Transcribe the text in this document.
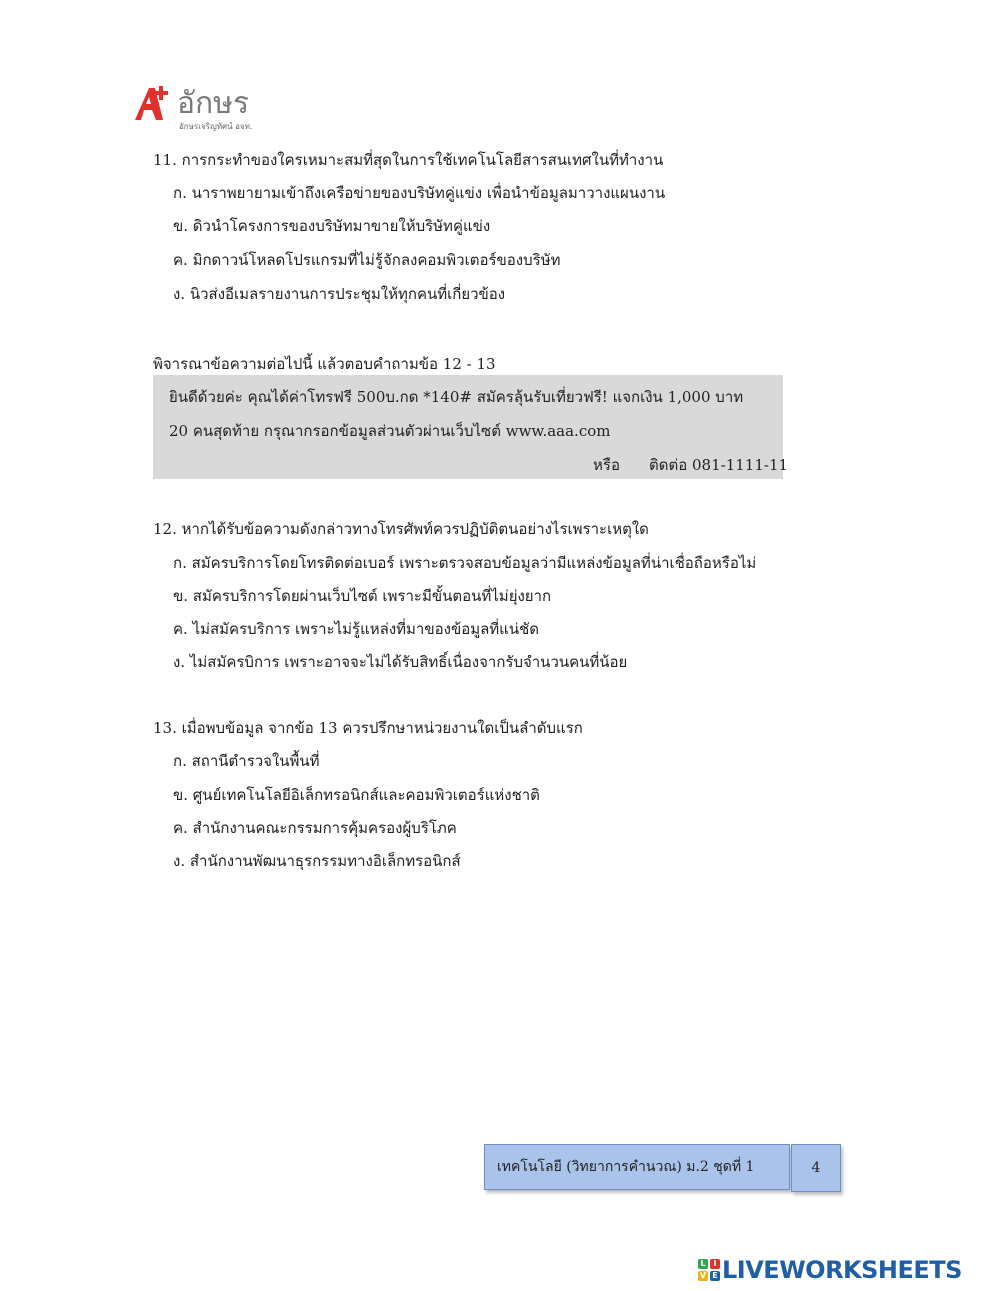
อักษร
อักษรเจริญทัศน์ อจท.
11. การกระทำของใครเหมาะสมที่สุดในการใช้เทคโนโลยีสารสนเทศในที่ทำงาน
ก. นาราพยายามเข้าถึงเครือข่ายของบริษัทคู่แข่ง เพื่อนำข้อมูลมาวางแผนงาน
ข. ดิวนำโครงการของบริษัทมาขายให้บริษัทคู่แข่ง
ค. มิกดาวน์โหลดโปรแกรมที่ไม่รู้จักลงคอมพิวเตอร์ของบริษัท
ง. นิวส่งอีเมลรายงานการประชุมให้ทุกคนที่เกี่ยวข้อง
พิจารณาข้อความต่อไปนี้ แล้วตอบคำถามข้อ 12 - 13
ยินดีด้วยค่ะ คุณได้ค่าโทรฟรี 500บ.กด *140# สมัครลุ้นรับเที่ยวฟรี! แจกเงิน 1,000 บาท
20 คนสุดท้าย กรุณากรอกข้อมูลส่วนตัวผ่านเว็บไซต์ www.aaa.com
หรือ ติดต่อ 081-1111-11
12. หากได้รับข้อความดังกล่าวทางโทรศัพท์ควรปฏิบัติตนอย่างไรเพราะเหตุใด
ก. สมัครบริการโดยโทรติดต่อเบอร์ เพราะตรวจสอบข้อมูลว่ามีแหล่งข้อมูลที่น่าเชื่อถือหรือไม่
ข. สมัครบริการโดยผ่านเว็บไซต์ เพราะมีขั้นตอนที่ไม่ยุ่งยาก
ค. ไม่สมัครบริการ เพราะไม่รู้แหล่งที่มาของข้อมูลที่แน่ชัด
ง. ไม่สมัครบิการ เพราะอาจจะไม่ได้รับสิทธิ์เนื่องจากรับจำนวนคนที่น้อย
13. เมื่อพบข้อมูล จากข้อ 13 ควรปรึกษาหน่วยงานใดเป็นลำดับแรก
ก. สถานีตำรวจในพื้นที่
ข. ศูนย์เทคโนโลยีอิเล็กทรอนิกส์และคอมพิวเตอร์แห่งชาติ
ค. สำนักงานคณะกรรมการคุ้มครองผู้บริโภค
ง. สำนักงานพัฒนาธุรกรรมทางอิเล็กทรอนิกส์
เทคโนโลยี (วิทยาการคำนวณ) ม.2 ชุดที่ 1	4
L I
V E LIVEWORKSHEETS
